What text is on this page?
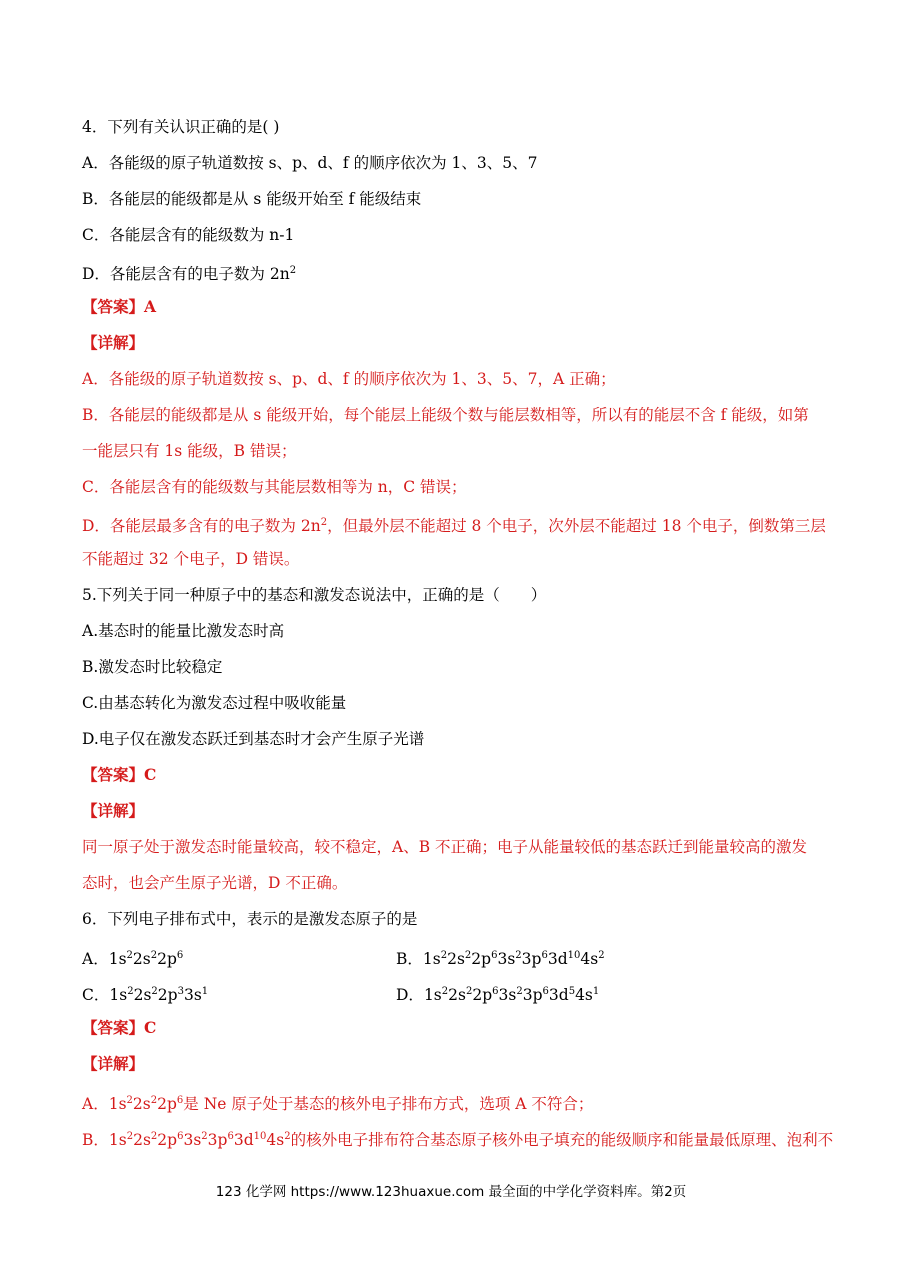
4．下列有关认识正确的是( )
A．各能级的原子轨道数按 s、p、d、f 的顺序依次为 1、3、5、7
B．各能层的能级都是从 s 能级开始至 f 能级结束
C．各能层含有的能级数为 n-1
D．各能层含有的电子数为 $2n^2$
【答案】A
【详解】
A．各能级的原子轨道数按 s、p、d、f 的顺序依次为 1、3、5、7，A 正确；
B．各能层的能级都是从 s 能级开始，每个能层上能级个数与能层数相等，所以有的能层不含 f 能级，如第
一能层只有 1s 能级，B 错误；
C．各能层含有的能级数与其能层数相等为 n，C 错误；
D．各能层最多含有的电子数为 $2n^2$，但最外层不能超过 8 个电子，次外层不能超过 18 个电子，倒数第三层
不能超过 32 个电子，D 错误。
5.下列关于同一种原子中的基态和激发态说法中，正确的是（　　）
A.基态时的能量比激发态时高
B.激发态时比较稳定
C.由基态转化为激发态过程中吸收能量
D.电子仅在激发态跃迁到基态时才会产生原子光谱
【答案】C
【详解】
同一原子处于激发态时能量较高，较不稳定，A、B 不正确；电子从能量较低的基态跃迁到能量较高的激发
态时，也会产生原子光谱，D 不正确。
6．下列电子排布式中，表示的是激发态原子的是
A．$1s^22s^22p^6$	B．$1s^22s^22p^63s^23p^63d^{10}4s^2$
C．$1s^22s^22p^33s^1$	D．$1s^22s^22p^63s^23p^63d^54s^1$
【答案】C
【详解】
A．$1s^22s^22p^6$是 Ne 原子处于基态的核外电子排布方式，选项 A 不符合；
B．$1s^22s^22p^63s^23p^63d^{10}4s^2$的核外电子排布符合基态原子核外电子填充的能级顺序和能量最低原理、泡利不
123 化学网 https://www.123huaxue.com 最全面的中学化学资料库。第2页
